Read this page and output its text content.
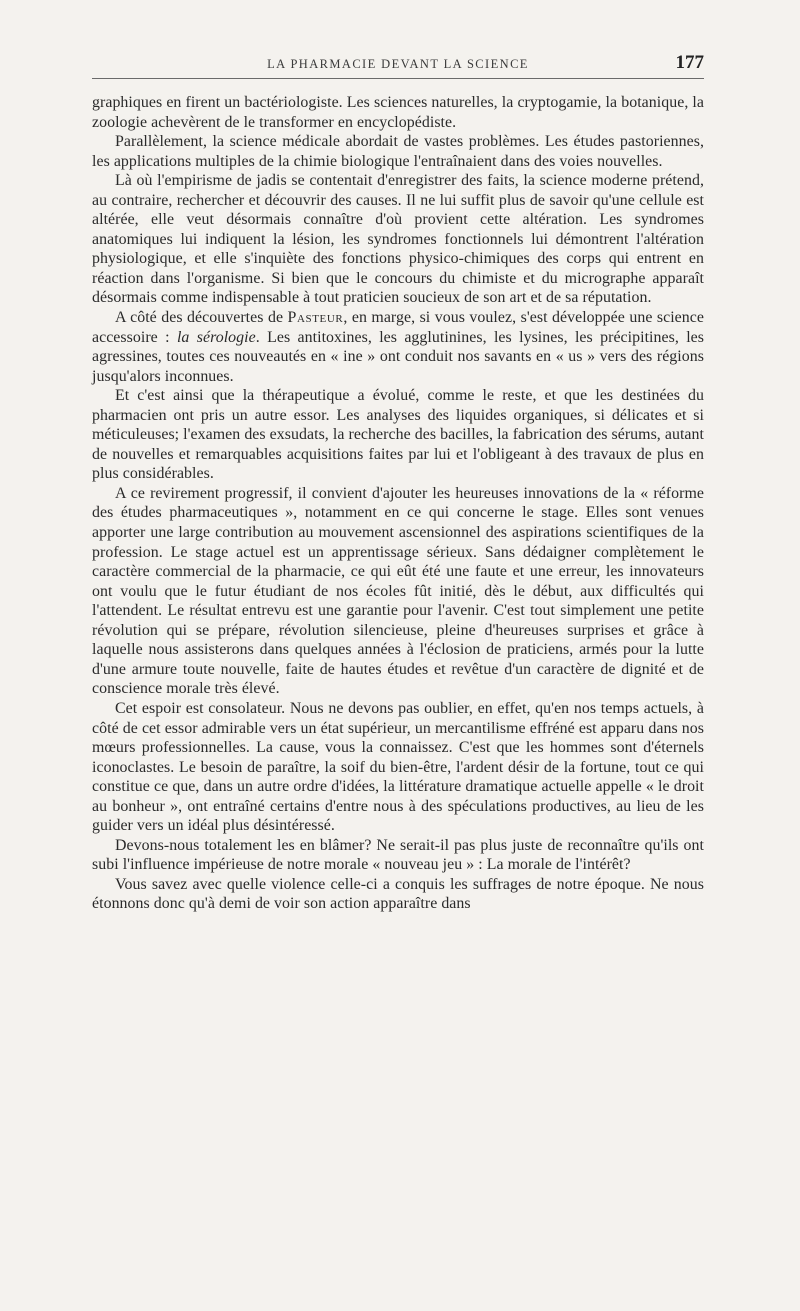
LA PHARMACIE DEVANT LA SCIENCE	177

graphiques en firent un bactériologiste. Les sciences naturelles, la cryptogamie, la botanique, la zoologie achevèrent de le transformer en encyclopédiste.

Parallèlement, la science médicale abordait de vastes problèmes. Les études pastoriennes, les applications multiples de la chimie biologique l'entraînaient dans des voies nouvelles.

Là où l'empirisme de jadis se contentait d'enregistrer des faits, la science moderne prétend, au contraire, rechercher et découvrir des causes. Il ne lui suffit plus de savoir qu'une cellule est altérée, elle veut désormais connaître d'où provient cette altération. Les syndromes anatomiques lui indiquent la lésion, les syndromes fonctionnels lui démontrent l'altération physiologique, et elle s'inquiète des fonctions physico-chimiques des corps qui entrent en réaction dans l'organisme. Si bien que le concours du chimiste et du micrographe apparaît désormais comme indispensable à tout praticien soucieux de son art et de sa réputation.

A côté des découvertes de Pasteur, en marge, si vous voulez, s'est développée une science accessoire : la sérologie. Les antitoxines, les agglutinines, les lysines, les précipitines, les agressines, toutes ces nouveautés en « ine » ont conduit nos savants en « us » vers des régions jusqu'alors inconnues.

Et c'est ainsi que la thérapeutique a évolué, comme le reste, et que les destinées du pharmacien ont pris un autre essor. Les analyses des liquides organiques, si délicates et si méticuleuses; l'examen des exsudats, la recherche des bacilles, la fabrication des sérums, autant de nouvelles et remarquables acquisitions faites par lui et l'obligeant à des travaux de plus en plus considérables.

A ce revirement progressif, il convient d'ajouter les heureuses innovations de la « réforme des études pharmaceutiques », notamment en ce qui concerne le stage. Elles sont venues apporter une large contribution au mouvement ascensionnel des aspirations scientifiques de la profession. Le stage actuel est un apprentissage sérieux. Sans dédaigner complètement le caractère commercial de la pharmacie, ce qui eût été une faute et une erreur, les innovateurs ont voulu que le futur étudiant de nos écoles fût initié, dès le début, aux difficultés qui l'attendent. Le résultat entrevu est une garantie pour l'avenir. C'est tout simplement une petite révolution qui se prépare, révolution silencieuse, pleine d'heureuses surprises et grâce à laquelle nous assisterons dans quelques années à l'éclosion de praticiens, armés pour la lutte d'une armure toute nouvelle, faite de hautes études et revêtue d'un caractère de dignité et de conscience morale très élevé.

Cet espoir est consolateur. Nous ne devons pas oublier, en effet, qu'en nos temps actuels, à côté de cet essor admirable vers un état supérieur, un mercantilisme effréné est apparu dans nos mœurs professionnelles. La cause, vous la connaissez. C'est que les hommes sont d'éternels iconoclastes. Le besoin de paraître, la soif du bien-être, l'ardent désir de la fortune, tout ce qui constitue ce que, dans un autre ordre d'idées, la littérature dramatique actuelle appelle « le droit au bonheur », ont entraîné certains d'entre nous à des spéculations productives, au lieu de les guider vers un idéal plus désintéressé.

Devons-nous totalement les en blâmer? Ne serait-il pas plus juste de reconnaître qu'ils ont subi l'influence impérieuse de notre morale « nouveau jeu » : La morale de l'intérêt?

Vous savez avec quelle violence celle-ci a conquis les suffrages de notre époque. Ne nous étonnons donc qu'à demi de voir son action apparaître dans
